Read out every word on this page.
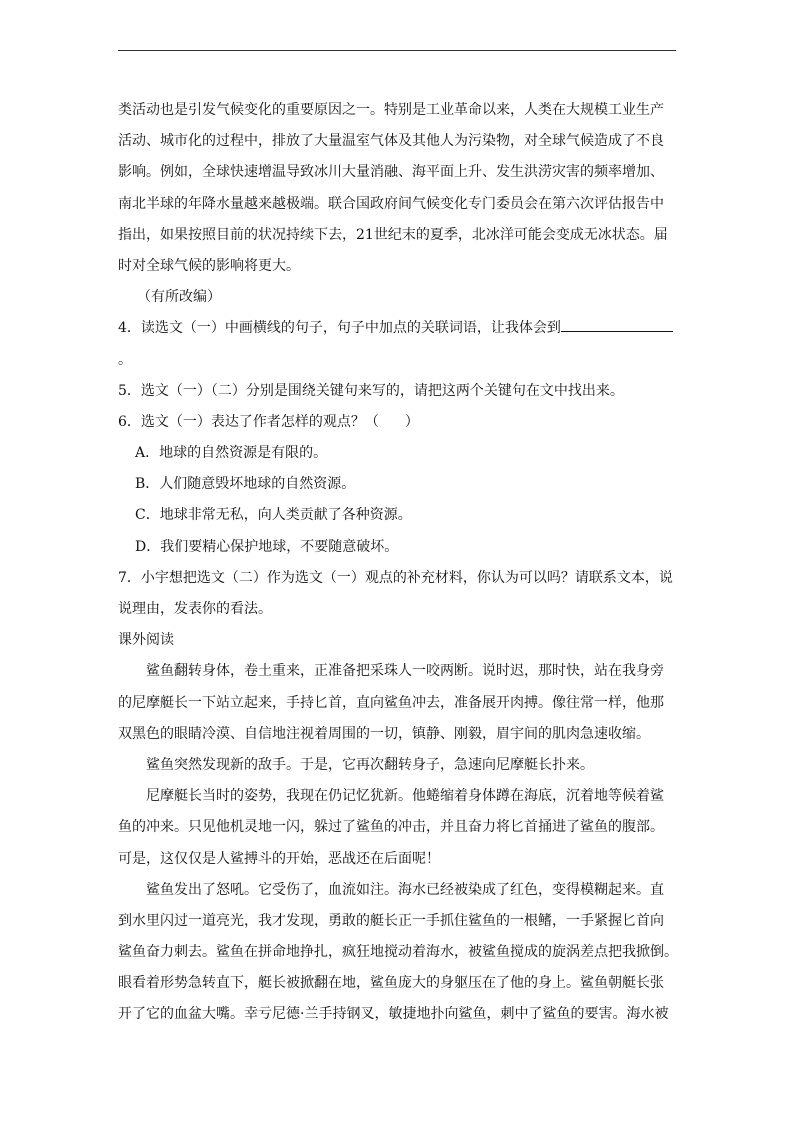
类活动也是引发气候变化的重要原因之一。特别是工业革命以来，人类在大规模工业生产

活动、城市化的过程中，排放了大量温室气体及其他人为污染物，对全球气候造成了不良

影响。例如，全球快速增温导致冰川大量消融、海平面上升、发生洪涝灾害的频率增加、

南北半球的年降水量越来越极端。联合国政府间气候变化专门委员会在第六次评估报告中

指出，如果按照目前的状况持续下去，21世纪末的夏季，北冰洋可能会变成无冰状态。届

时对全球气候的影响将更大。

（有所改编）

4．读选文（一）中画横线的句子，句子中加点的关联词语，让我体会到

。

5．选文（一）（二）分别是围绕关键句来写的，请把这两个关键句在文中找出来。

6．选文（一）表达了作者怎样的观点？（ ）

A．地球的自然资源是有限的。

B．人们随意毁坏地球的自然资源。

C．地球非常无私，向人类贡献了各种资源。

D．我们要精心保护地球，不要随意破坏。

7．小宇想把选文（二）作为选文（一）观点的补充材料，你认为可以吗？请联系文本，说

说理由，发表你的看法。

课外阅读

鲨鱼翻转身体，卷土重来，正准备把采珠人一咬两断。说时迟，那时快，站在我身旁

的尼摩艇长一下站立起来，手持匕首，直向鲨鱼冲去，准备展开肉搏。像往常一样，他那

双黑色的眼睛冷漠、自信地注视着周围的一切，镇静、刚毅，眉宇间的肌肉急速收缩。

鲨鱼突然发现新的敌手。于是，它再次翻转身子，急速向尼摩艇长扑来。

尼摩艇长当时的姿势，我现在仍记忆犹新。他蜷缩着身体蹲在海底，沉着地等候着鲨

鱼的冲来。只见他机灵地一闪，躲过了鲨鱼的冲击，并且奋力将匕首捅进了鲨鱼的腹部。

可是，这仅仅是人鲨搏斗的开始，恶战还在后面呢！

鲨鱼发出了怒吼。它受伤了，血流如注。海水已经被染成了红色，变得模糊起来。直

到水里闪过一道亮光，我才发现，勇敢的艇长正一手抓住鲨鱼的一根鳍，一手紧握匕首向

鲨鱼奋力刺去。鲨鱼在拼命地挣扎，疯狂地搅动着海水，被鲨鱼搅成的旋涡差点把我掀倒。

眼看着形势急转直下，艇长被掀翻在地，鲨鱼庞大的身躯压在了他的身上。鲨鱼朝艇长张

开了它的血盆大嘴。幸亏尼德·兰手持钢叉，敏捷地扑向鲨鱼，刺中了鲨鱼的要害。海水被
